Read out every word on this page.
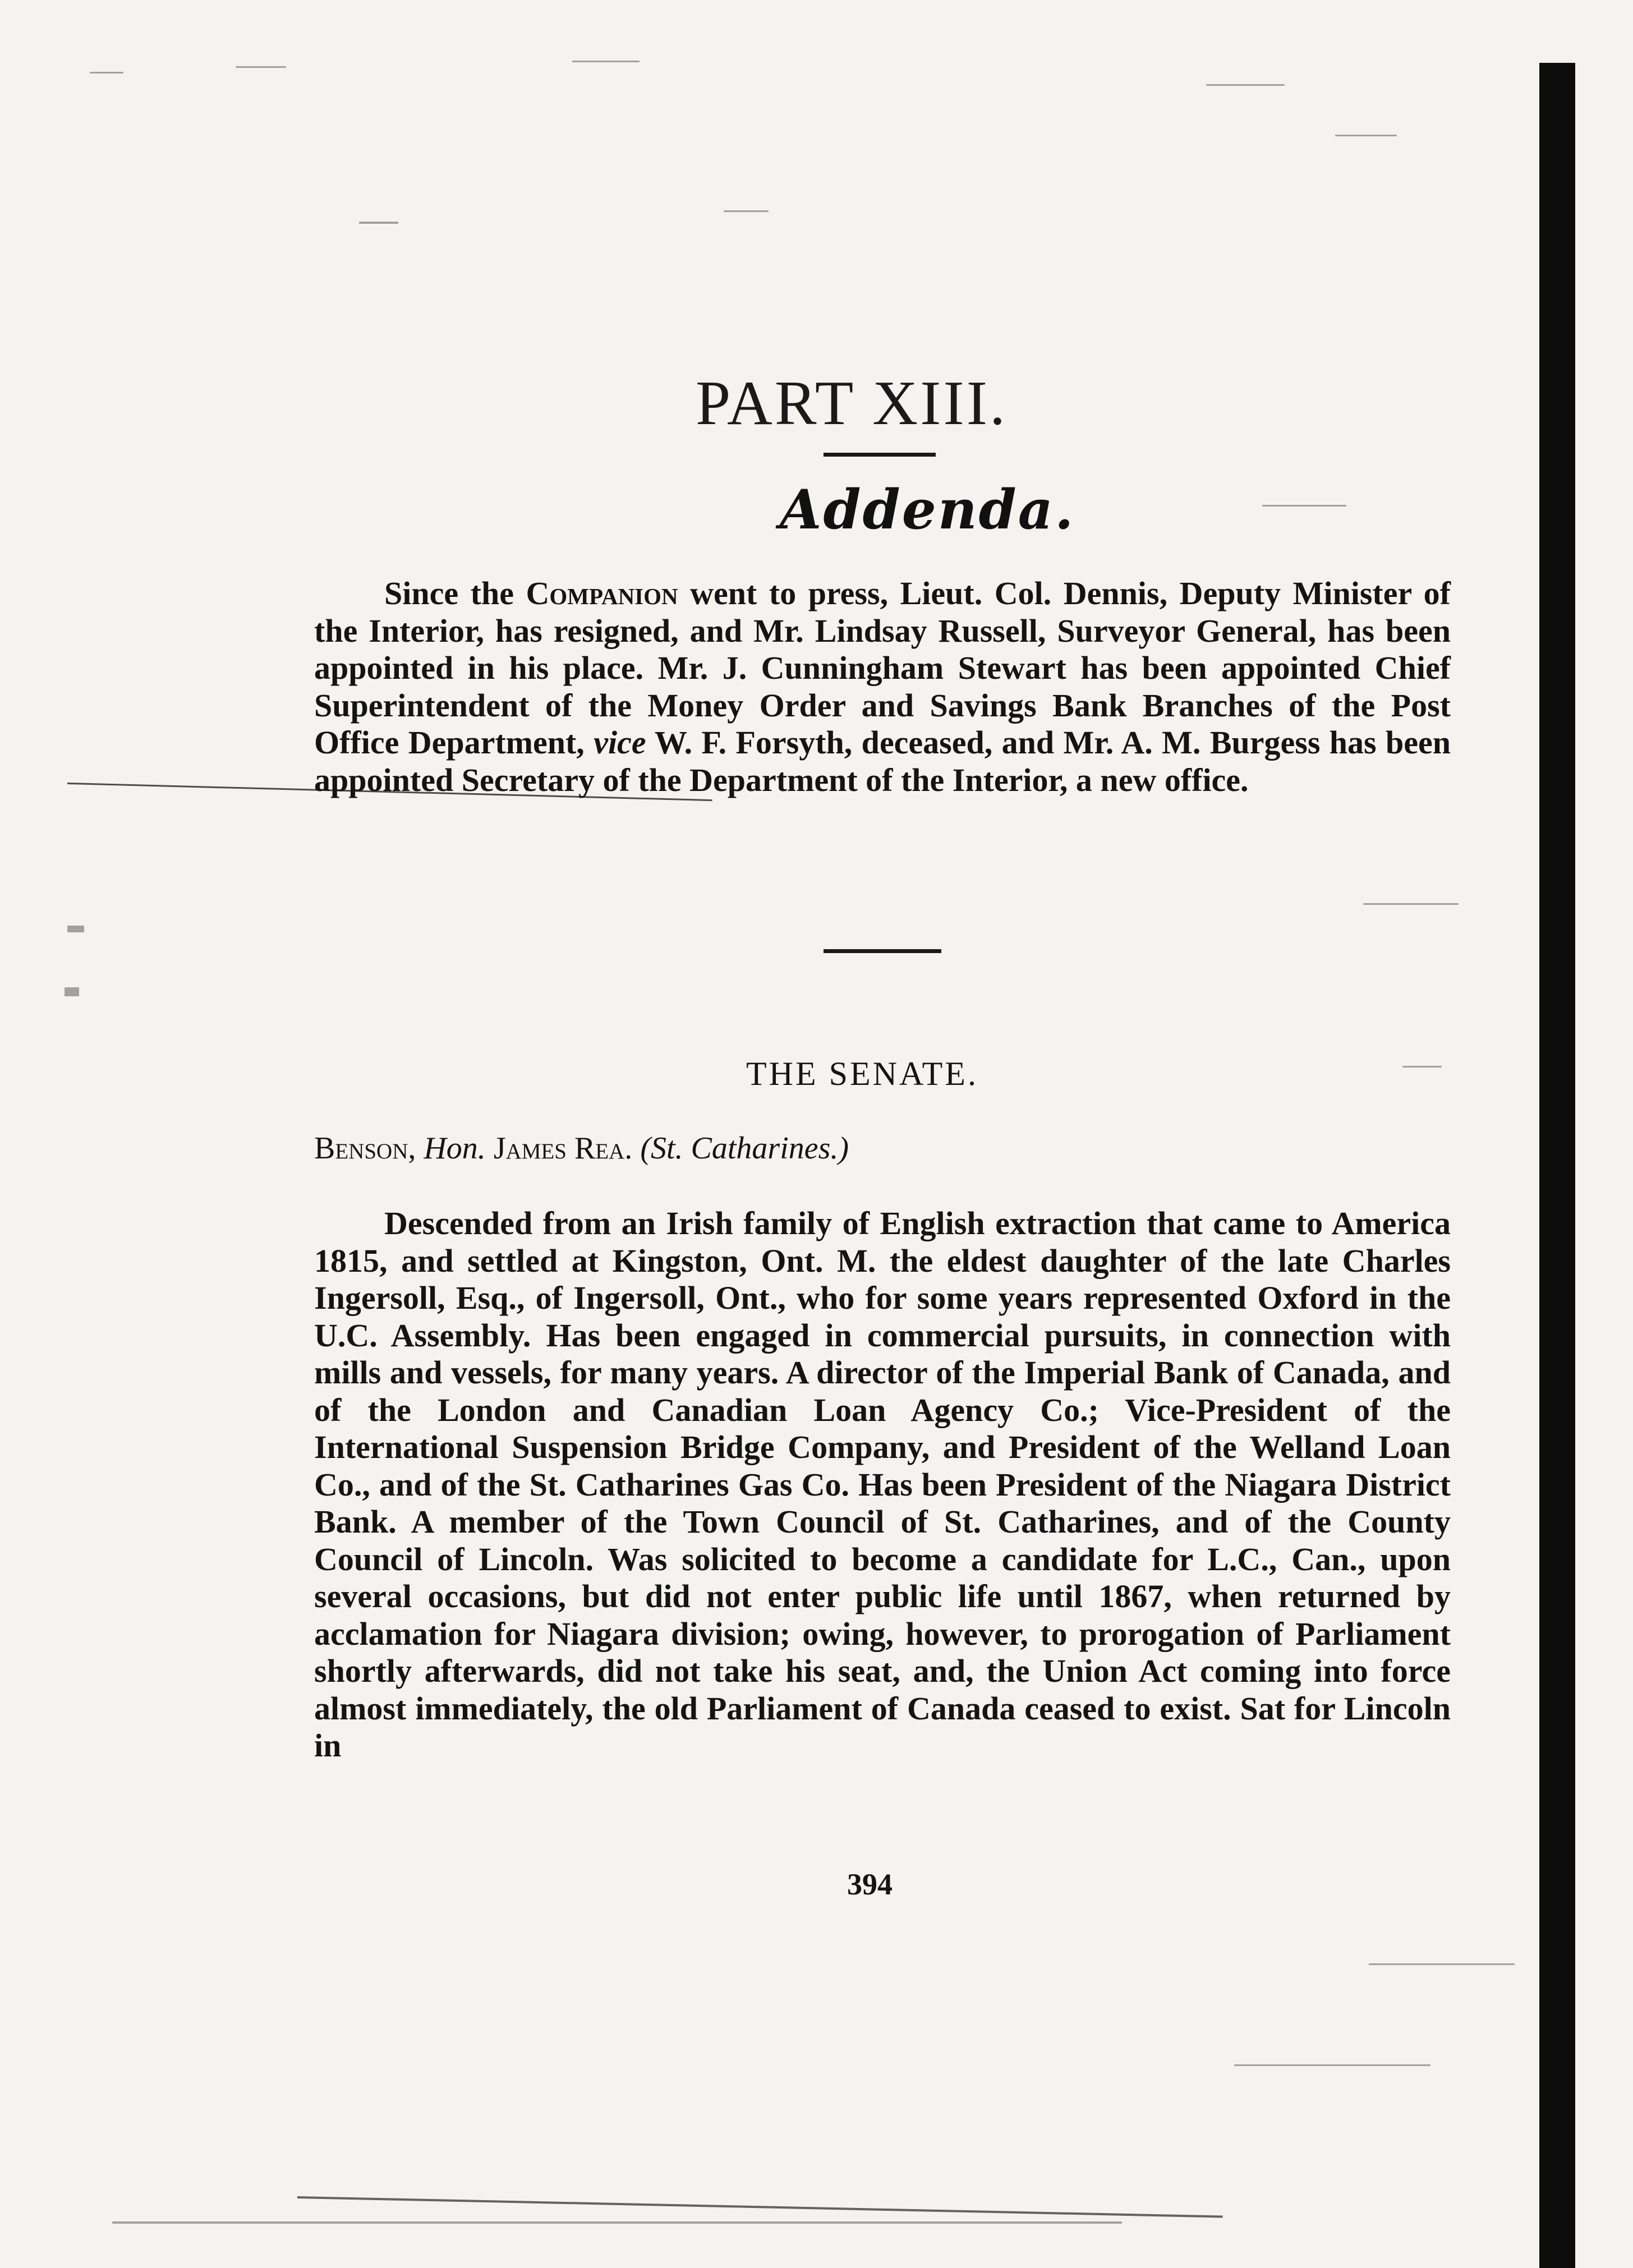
PART XIII.
Addenda.
Since the Companion went to press, Lieut. Col. Dennis, Deputy Minister of the Interior, has resigned, and Mr. Lindsay Russell, Surveyor General, has been appointed in his place. Mr. J. Cunningham Stewart has been appointed Chief Superintendent of the Money Order and Savings Bank Branches of the Post Office Department, vice W. F. Forsyth, deceased, and Mr. A. M. Burgess has been appointed Secretary of the Department of the Interior, a new office.
THE SENATE.
Benson, Hon. James Rea. (St. Catharines.)
Descended from an Irish family of English extraction that came to America 1815, and settled at Kingston, Ont. M. the eldest daughter of the late Charles Ingersoll, Esq., of Ingersoll, Ont., who for some years represented Oxford in the U.C. Assembly. Has been engaged in commercial pursuits, in connection with mills and vessels, for many years. A director of the Imperial Bank of Canada, and of the London and Canadian Loan Agency Co.; Vice-President of the International Suspension Bridge Company, and President of the Welland Loan Co., and of the St. Catharines Gas Co. Has been President of the Niagara District Bank. A member of the Town Council of St. Catharines, and of the County Council of Lincoln. Was solicited to become a candidate for L.C., Can., upon several occasions, but did not enter public life until 1867, when returned by acclamation for Niagara division; owing, however, to prorogation of Parliament shortly afterwards, did not take his seat, and, the Union Act coming into force almost immediately, the old Parliament of Canada ceased to exist. Sat for Lincoln in
394
